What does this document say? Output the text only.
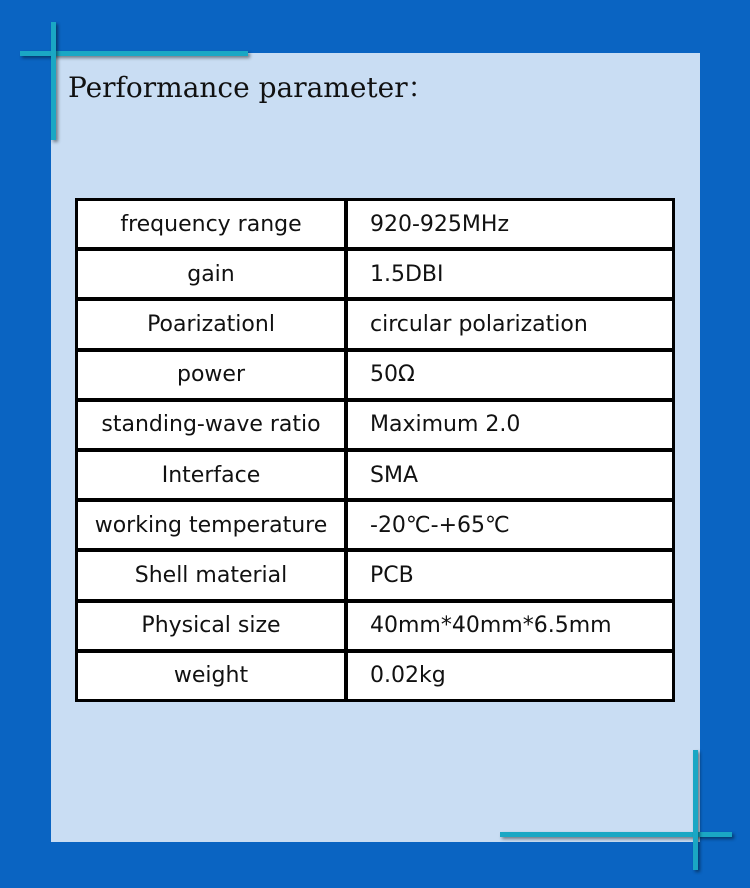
Performance parameter：
frequency range	920-925MHz
gain	1.5DBI
Poarizationl	circular polarization
power	50Ω
standing-wave ratio	Maximum 2.0
Interface	SMA
working temperature	-20℃-+65℃
Shell material	PCB
Physical size	40mm*40mm*6.5mm
weight	0.02kg
